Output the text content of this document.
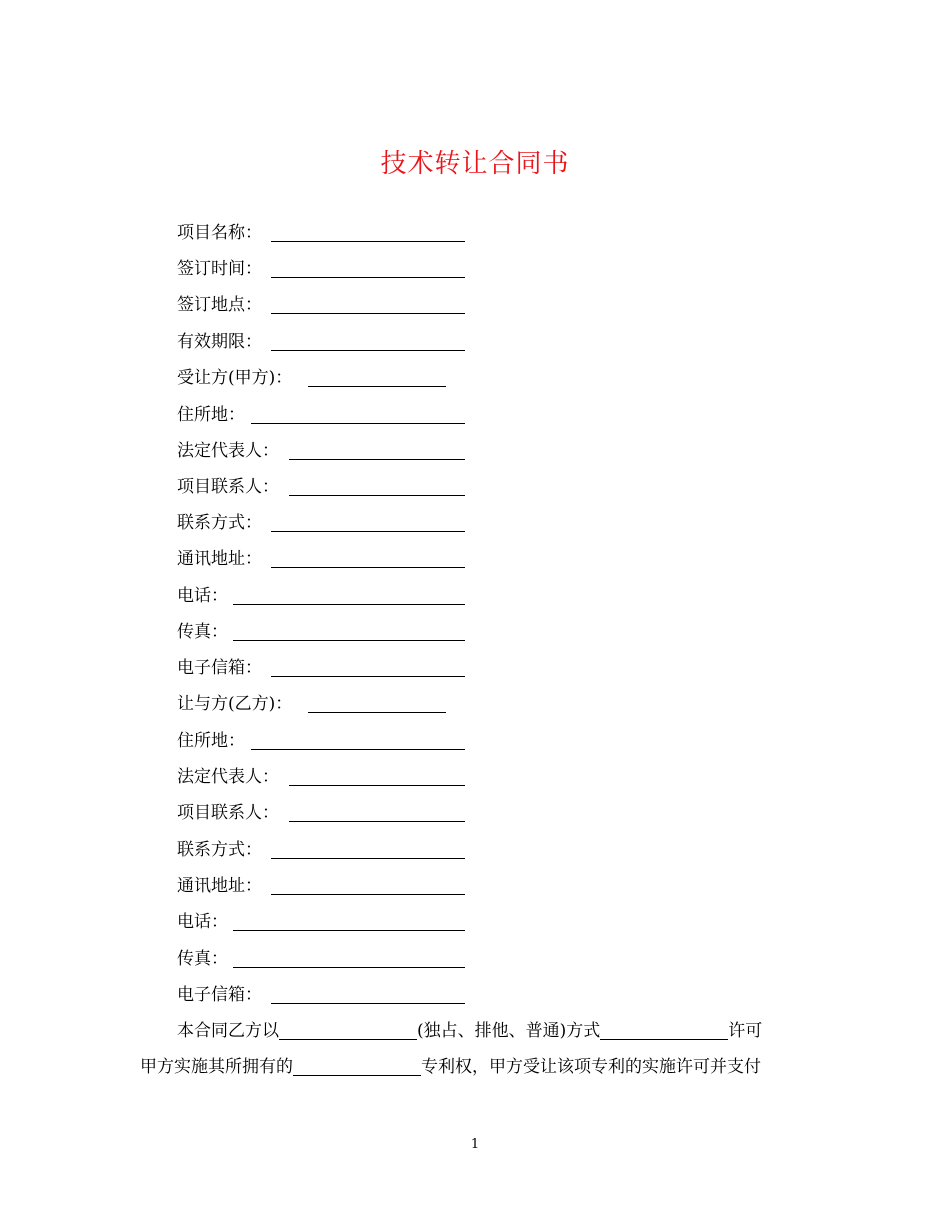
技术转让合同书
项目名称：
签订时间：
签订地点：
有效期限：
受让方(甲方)：
住所地：
法定代表人：
项目联系人：
联系方式：
通讯地址：
电话：
传真：
电子信箱：
让与方(乙方)：
住所地：
法定代表人：
项目联系人：
联系方式：
通讯地址：
电话：
传真：
电子信箱：
本合同乙方以	(独占、排他、普通)方式	许可
甲方实施其所拥有的	专利权，甲方受让该项专利的实施许可并支付
1
